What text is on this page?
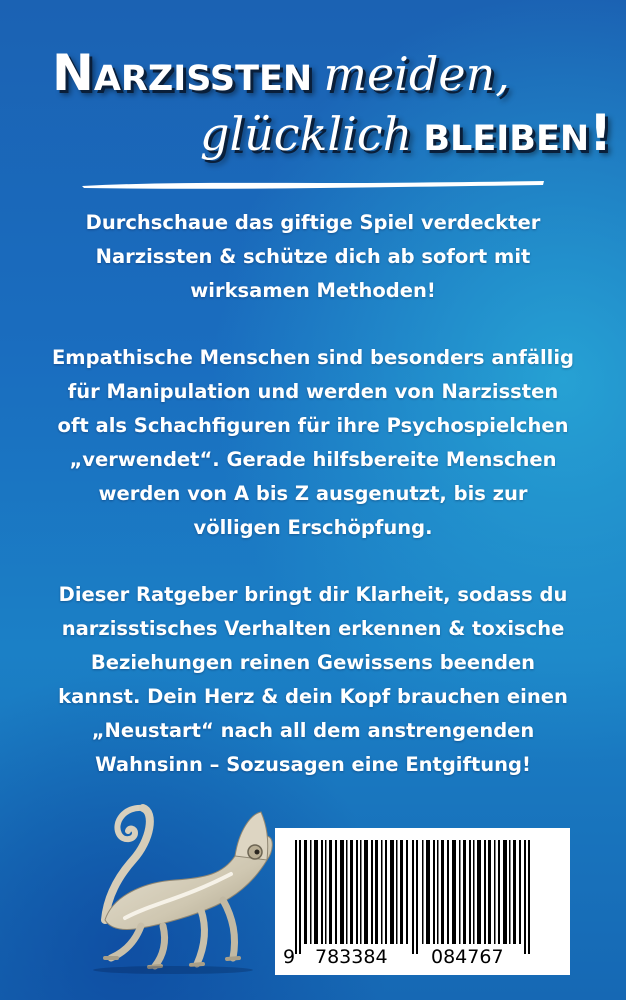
Narzissten meiden,
glücklich bleiben!

Durchschaue das giftige Spiel verdeckter
Narzissten & schütze dich ab sofort mit
wirksamen Methoden!

Empathische Menschen sind besonders anfällig
für Manipulation und werden von Narzissten
oft als Schachfiguren für ihre Psychospielchen
„verwendet“. Gerade hilfsbereite Menschen
werden von A bis Z ausgenutzt, bis zur
völligen Erschöpfung.

Dieser Ratgeber bringt dir Klarheit, sodass du
narzisstisches Verhalten erkennen & toxische
Beziehungen reinen Gewissens beenden
kannst. Dein Herz & dein Kopf brauchen einen
„Neustart“ nach all dem anstrengenden
Wahnsinn – Sozusagen eine Entgiftung!

9 783384 084767
